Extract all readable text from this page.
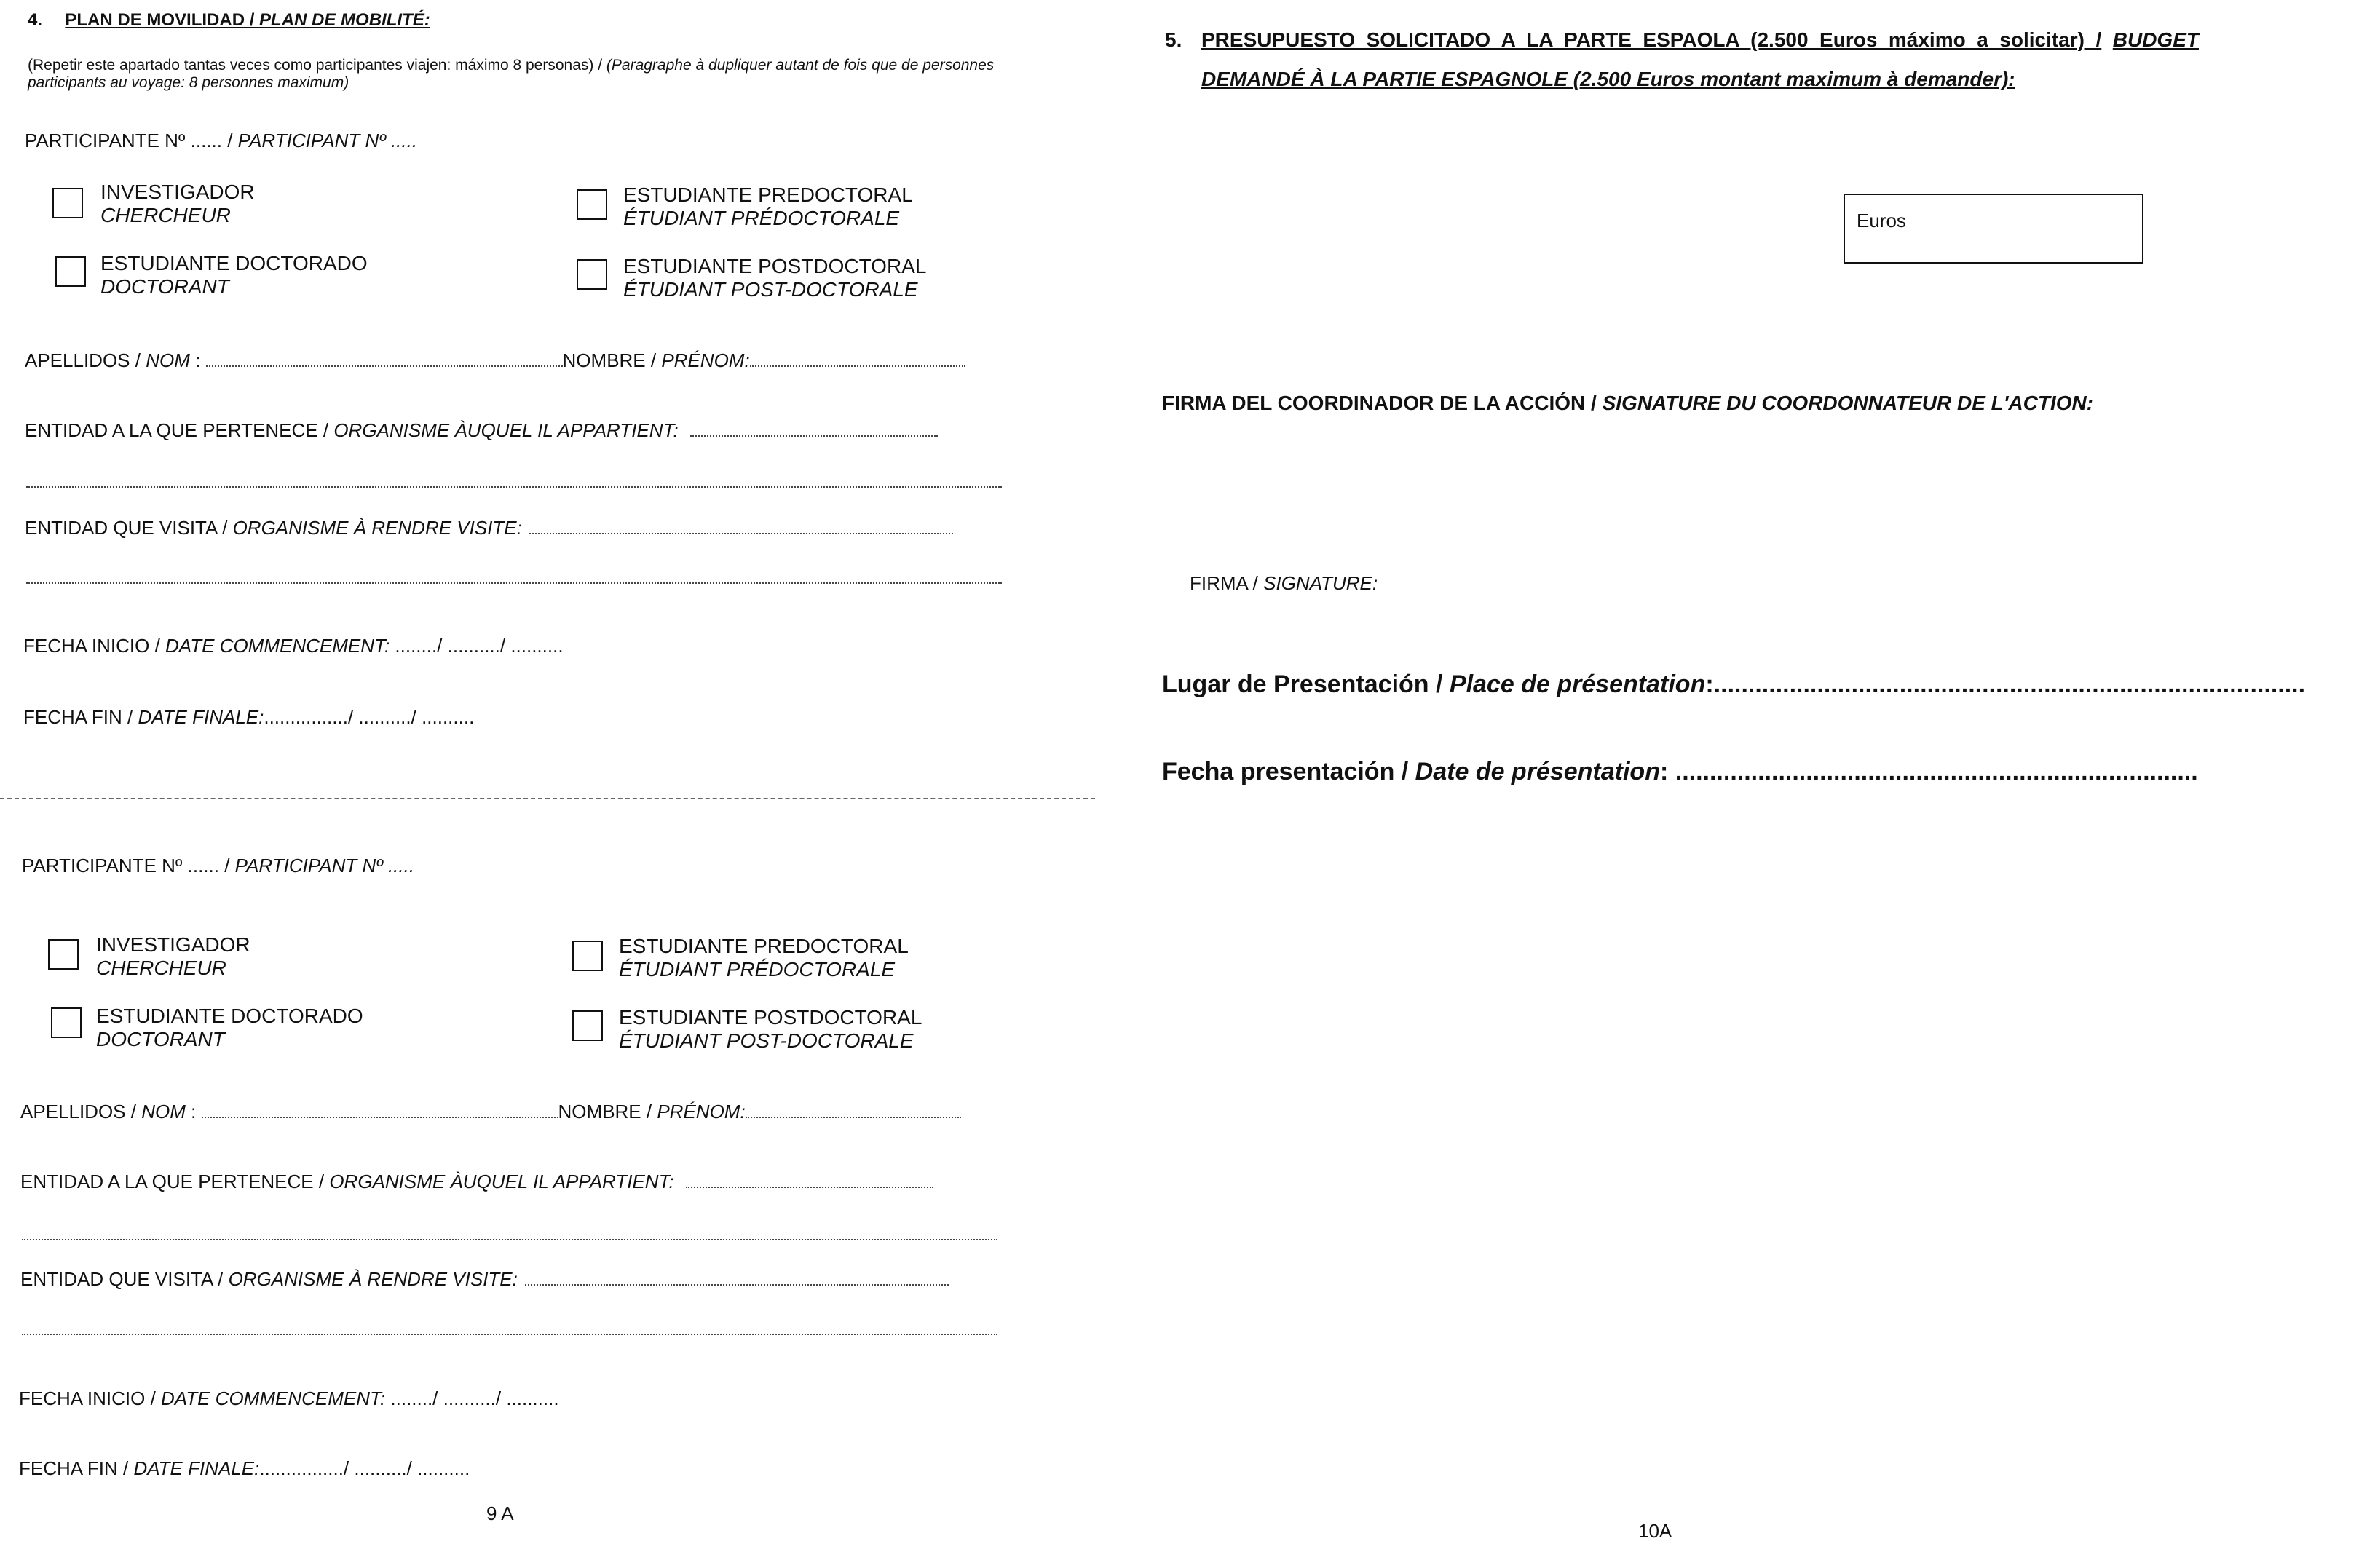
4. PLAN DE MOVILIDAD / PLAN DE MOBILITÉ:
(Repetir este apartado tantas veces como participantes viajen: máximo 8 personas) / (Paragraphe à dupliquer autant de fois que de personnes participants au voyage: 8 personnes maximum)
PARTICIPANTE Nº ...... / PARTICIPANT Nº .....
INVESTIGADOR
CHERCHEUR
ESTUDIANTE PREDOCTORAL
ÉTUDIANT PRÉDOCTORALE
ESTUDIANTE DOCTORADO
DOCTORANT
ESTUDIANTE POSTDOCTORAL
ÉTUDIANT POST-DOCTORALE
APELLIDOS / NOM :	NOMBRE / PRÉNOM:
ENTIDAD A LA QUE PERTENECE / ORGANISME ÀUQUEL IL APPARTIENT:
ENTIDAD QUE VISITA / ORGANISME À RENDRE VISITE:
FECHA INICIO / DATE COMMENCEMENT: ......../ ........../ ..........
FECHA FIN / DATE FINALE:................/ ........../ ..........
PARTICIPANTE Nº ...... / PARTICIPANT Nº .....
INVESTIGADOR
CHERCHEUR
ESTUDIANTE PREDOCTORAL
ÉTUDIANT PRÉDOCTORALE
ESTUDIANTE DOCTORADO
DOCTORANT
ESTUDIANTE POSTDOCTORAL
ÉTUDIANT POST-DOCTORALE
APELLIDOS / NOM :	NOMBRE / PRÉNOM:
ENTIDAD A LA QUE PERTENECE / ORGANISME ÀUQUEL IL APPARTIENT:
ENTIDAD QUE VISITA / ORGANISME À RENDRE VISITE:
FECHA INICIO / DATE COMMENCEMENT: ......../ ........../ ..........
FECHA FIN / DATE FINALE:................/ ........../ ..........
9 A
5. PRESUPUESTO SOLICITADO A LA PARTE ESPAOLA (2.500 Euros máximo a solicitar) / BUDGET DEMANDÉ À LA PARTIE ESPAGNOLE (2.500 Euros montant maximum à demander):
Euros
FIRMA DEL COORDINADOR DE LA ACCIÓN / SIGNATURE DU COORDONNATEUR DE L'ACTION:
FIRMA / SIGNATURE:
Lugar de Presentación / Place de présentation:......................................................................................
Fecha presentación / Date de présentation: ............................................................................
10A
